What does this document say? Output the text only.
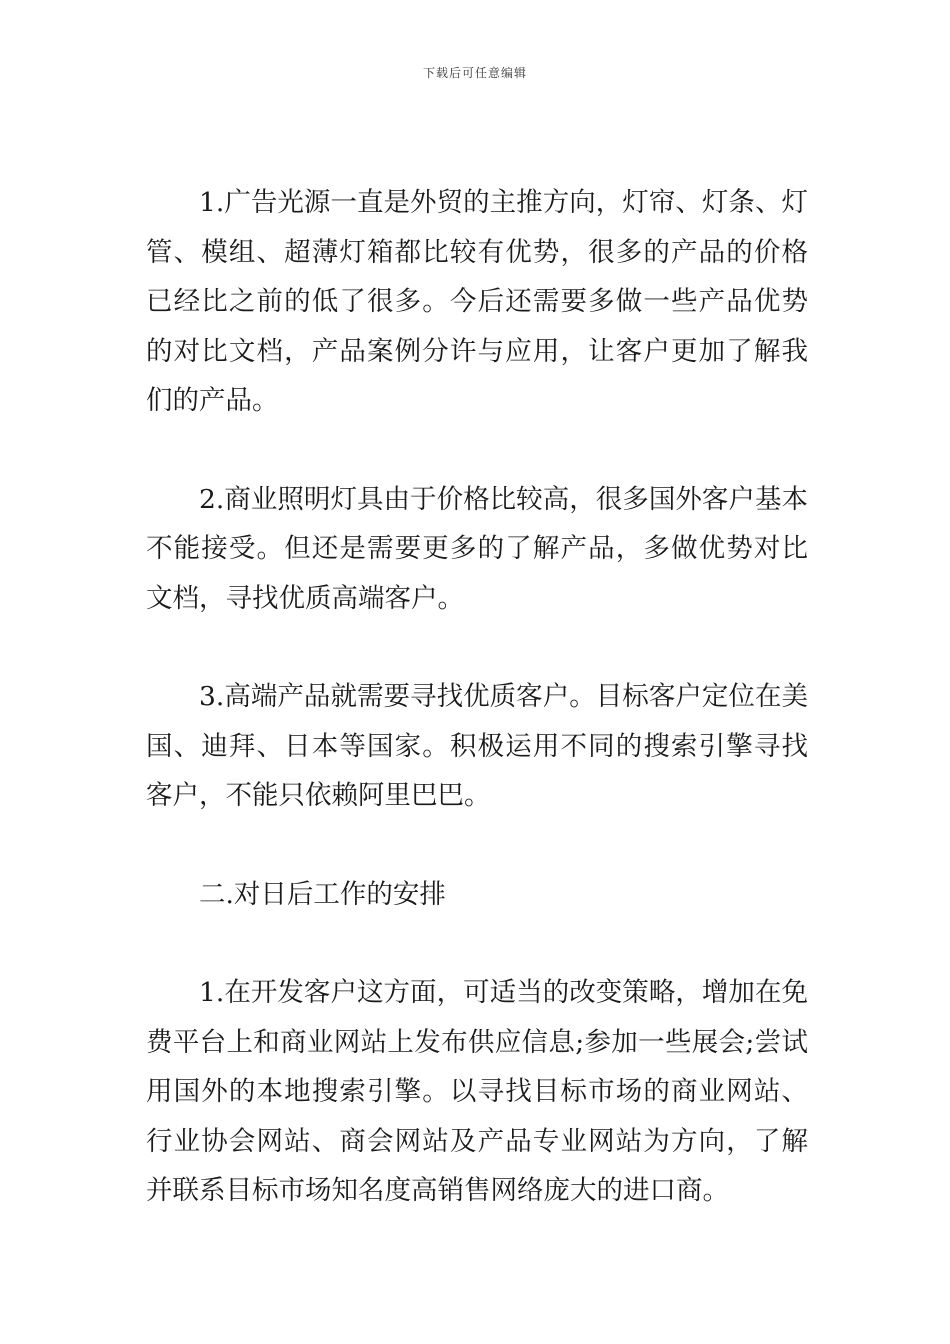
下载后可任意编辑

1.广告光源一直是外贸的主推方向，灯帘、灯条、灯管、模组、超薄灯箱都比较有优势，很多的产品的价格已经比之前的低了很多。今后还需要多做一些产品优势的对比文档，产品案例分许与应用，让客户更加了解我们的产品。

2.商业照明灯具由于价格比较高，很多国外客户基本不能接受。但还是需要更多的了解产品，多做优势对比文档，寻找优质高端客户。

3.高端产品就需要寻找优质客户。目标客户定位在美国、迪拜、日本等国家。积极运用不同的搜索引擎寻找客户，不能只依赖阿里巴巴。

二.对日后工作的安排

1.在开发客户这方面，可适当的改变策略，增加在免费平台上和商业网站上发布供应信息;参加一些展会;尝试用国外的本地搜索引擎。以寻找目标市场的商业网站、行业协会网站、商会网站及产品专业网站为方向，了解并联系目标市场知名度高销售网络庞大的进口商。
